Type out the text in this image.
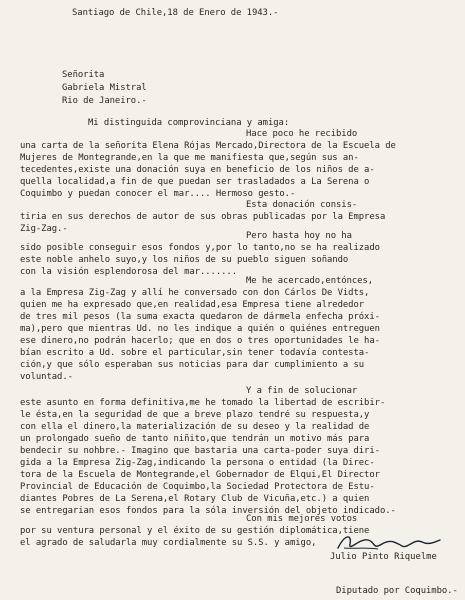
Santiago de Chile,18 de Enero de 1943.-
Señorita
Gabriela Mistral
Rio de Janeiro.-
Mi distinguida comprovinciana y amiga:
Hace poco he recibido
una carta de la señorita Elena Rójas Mercado,Directora de la Escuela de
Mujeres de Montegrande,en la que me manifiesta que,según sus an-
tecedentes,existe una donación suya en beneficio de los niños de a-
quella localidad,a fin de que puedan ser trasladados a La Serena o
Coquimbo y puedan conocer el mar.... Hermoso gesto.-
Esta donación consis-
tiria en sus derechos de autor de sus obras publicadas por la Empresa
Zig-Zag.-
Pero hasta hoy no ha
sido posible conseguir esos fondos y,por lo tanto,no se ha realizado
este noble anhelo suyo,y los niños de su pueblo siguen soñando
con la visión esplendorosa del mar.......
Me he acercado,entónces,
a la Empresa Zig-Zag y allí he conversado con don Cárlos De Vidts,
quien me ha expresado que,en realidad,esa Empresa tiene alrededor
de tres mil pesos (la suma exacta quedaron de dármela enfecha próxi-
ma),pero que mientras Ud. no les indique a quién o quiénes entreguen
ese dinero,no podrán hacerlo; que en dos o tres oportunidades le ha-
bían escrito a Ud. sobre el particular,sin tener todavía contesta-
ción,y que sólo esperaban sus noticias para dar cumplimiento a su
voluntad.-
Y a fin de solucionar
este asunto en forma definitiva,me he tomado la libertad de escribir-
le ésta,en la seguridad de que a breve plazo tendré su respuesta,y
con ella el dinero,la materialización de su deseo y la realidad de
un prolongado sueño de tanto niñito,que tendrán un motivo más para
bendecir su nohbre.- Imagino que bastaria una carta-poder suya diri-
gida a la Empresa Zig-Zag,indicando la persona o entidad (la Direc-
tora de la Escuela de Montegrande,el Gobernador de Elqui,El Director
Provincial de Educación de Coquimbo,la Sociedad Protectora de Estu-
diantes Pobres de La Serena,el Rotary Club de Vicuña,etc.) a quien
se entregarian esos fondos para la sóla inversión del objeto indicado.-
Con mis mejores votos
por su ventura personal y el éxito de su gestión diplomática,tiene
el agrado de saludarla muy cordialmente su S.S. y amigo,
Julio Pinto Riquelme
Diputado por Coquimbo.-
